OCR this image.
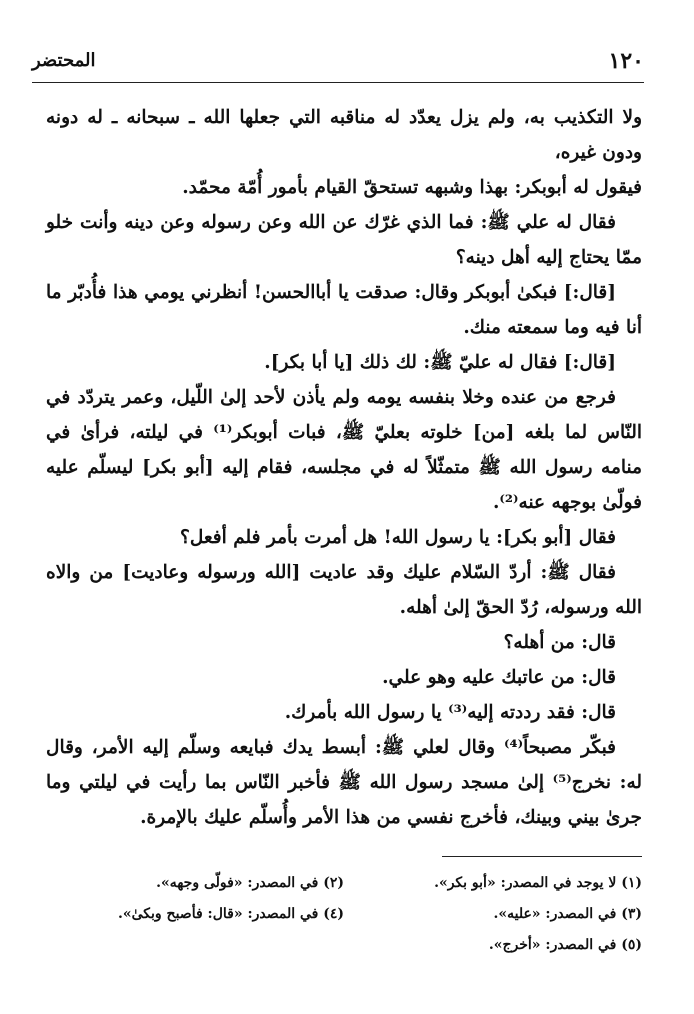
١٢٠
المحتضر

ولا التكذيب به، ولم يزل يعدّد له مناقبه التي جعلها الله ـ سبحانه ـ له دونه ودون غيره،

فيقول له أبوبكر: بهذا وشبهه تستحقّ القيام بأمور أُمّة محمّد.

فقال له علي ﷺ: فما الذي غرّك عن الله وعن رسوله وعن دينه وأنت خلو ممّا يحتاج إليه أهل دينه؟

[قال:] فبكىٰ أبوبكر وقال: صدقت يا أباالحسن! أنظرني يومي هذا فأُدبّر ما أنا فيه وما سمعته منك.

[قال:] فقال له عليّ ﷺ: لك ذلك [يا أبا بكر].

فرجع من عنده وخلا بنفسه يومه ولم يأذن لأحد إلىٰ اللّيل، وعمر يتردّد في النّاس لما بلغه [من] خلوته بعليّ ﷺ، فبات أبوبكر⁽¹⁾ في ليلته، فرأىٰ في منامه رسول الله ﷺ متمثّلاً له في مجلسه، فقام إليه [أبو بكر] ليسلّم عليه فولّىٰ بوجهه عنه⁽²⁾.

فقال [أبو بكر]: يا رسول الله! هل أمرت بأمر فلم أفعل؟

فقال ﷺ: أردّ السّلام عليك وقد عاديت [الله ورسوله وعاديت] من والاه الله ورسوله، رُدّ الحقّ إلىٰ أهله.

قال: من أهله؟

قال: من عاتبك عليه وهو علي.

قال: فقد رددته إليه⁽³⁾ يا رسول الله بأمرك.

فبكّر مصبحاً⁽⁴⁾ وقال لعلي ﷺ: أبسط يدك فبايعه وسلّم إليه الأمر، وقال له: نخرج⁽⁵⁾ إلىٰ مسجد رسول الله ﷺ فأخبر النّاس بما رأيت في ليلتي وما جرىٰ بيني وبينك، فأخرج نفسي من هذا الأمر وأُسلّم عليك بالإمرة.

(١) لا يوجد في المصدر: «أبو بكر».
(٢) في المصدر: «فولّى وجهه».
(٣) في المصدر: «عليه».
(٤) في المصدر: «قال: فأصبح وبكىٰ».
(٥) في المصدر: «أخرج».
